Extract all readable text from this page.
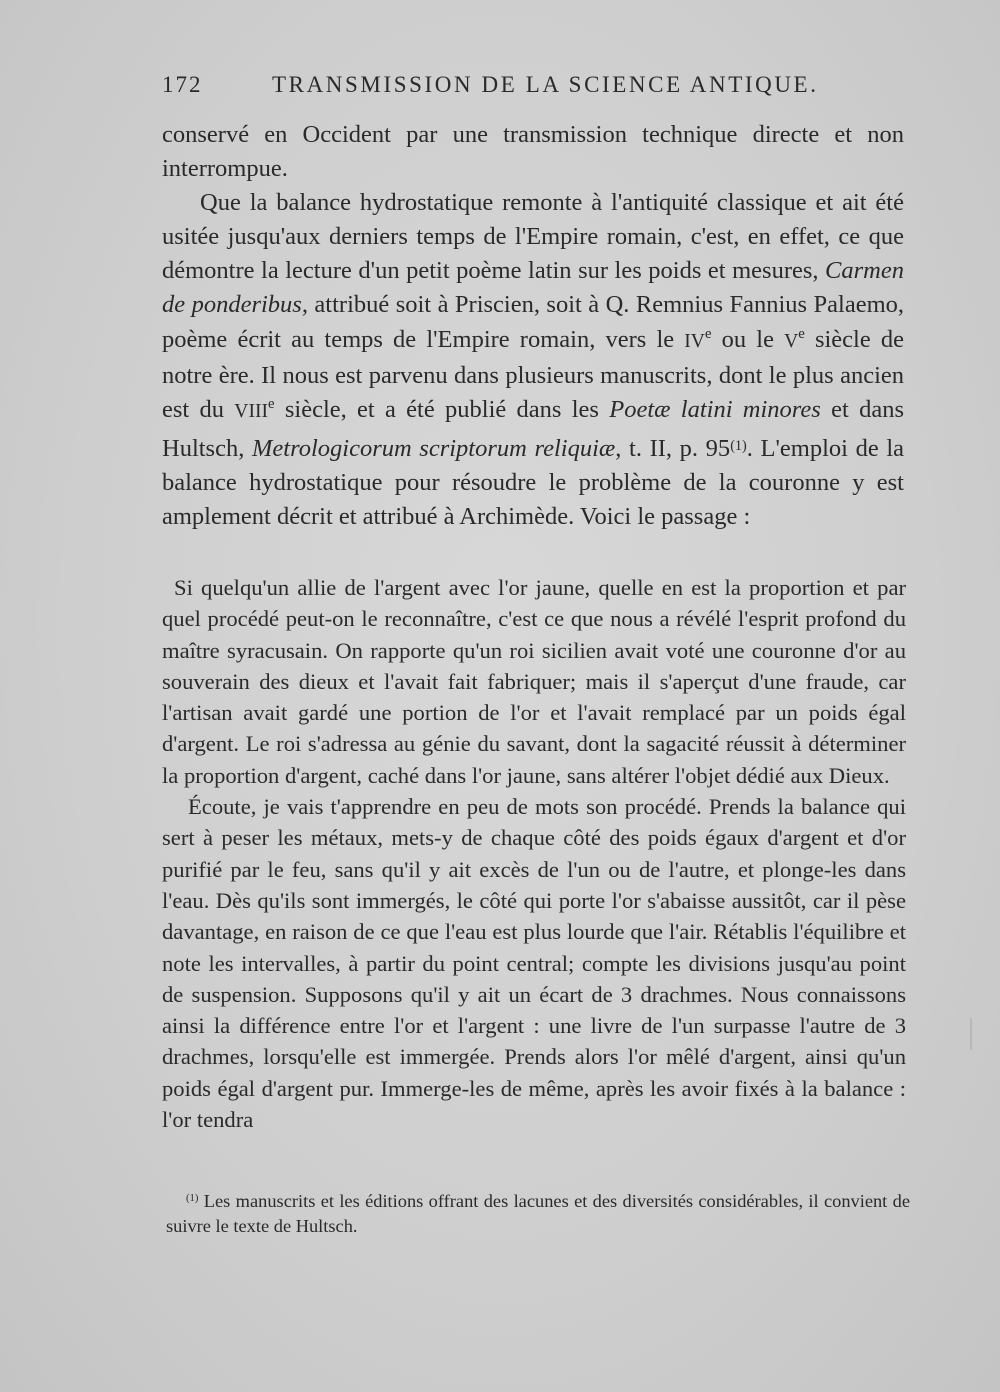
172	TRANSMISSION DE LA SCIENCE ANTIQUE.

conservé en Occident par une transmission technique directe et non interrompue.

Que la balance hydrostatique remonte à l'antiquité classique et ait été usitée jusqu'aux derniers temps de l'Empire romain, c'est, en effet, ce que démontre la lecture d'un petit poème latin sur les poids et mesures, Carmen de ponderibus, attribué soit à Priscien, soit à Q. Remnius Fannius Palaemo, poème écrit au temps de l'Empire romain, vers le IVe ou le Ve siècle de notre ère. Il nous est parvenu dans plusieurs manuscrits, dont le plus ancien est du VIIIe siècle, et a été publié dans les Poetæ latini minores et dans Hultsch, Metrologicorum scriptorum reliquiæ, t. II, p. 95$^{(1)}$. L'emploi de la balance hydrostatique pour résoudre le problème de la couronne y est amplement décrit et attribué à Archimède. Voici le passage :

Si quelqu'un allie de l'argent avec l'or jaune, quelle en est la proportion et par quel procédé peut-on le reconnaître, c'est ce que nous a révélé l'esprit profond du maître syracusain. On rapporte qu'un roi sicilien avait voté une couronne d'or au souverain des dieux et l'avait fait fabriquer; mais il s'aperçut d'une fraude, car l'artisan avait gardé une portion de l'or et l'avait remplacé par un poids égal d'argent. Le roi s'adressa au génie du savant, dont la sagacité réussit à déterminer la proportion d'argent, caché dans l'or jaune, sans altérer l'objet dédié aux Dieux.

Écoute, je vais t'apprendre en peu de mots son procédé. Prends la balance qui sert à peser les métaux, mets-y de chaque côté des poids égaux d'argent et d'or purifié par le feu, sans qu'il y ait excès de l'un ou de l'autre, et plonge-les dans l'eau. Dès qu'ils sont immergés, le côté qui porte l'or s'abaisse aussitôt, car il pèse davantage, en raison de ce que l'eau est plus lourde que l'air. Rétablis l'équilibre et note les intervalles, à partir du point central; compte les divisions jusqu'au point de suspension. Supposons qu'il y ait un écart de 3 drachmes. Nous connaissons ainsi la différence entre l'or et l'argent : une livre de l'un surpasse l'autre de 3 drachmes, lorsqu'elle est immergée. Prends alors l'or mêlé d'argent, ainsi qu'un poids égal d'argent pur. Immerge-les de même, après les avoir fixés à la balance : l'or tendra

$^{(1)}$ Les manuscrits et les éditions offrant des lacunes et des diversités considérables, il convient de suivre le texte de Hultsch.
